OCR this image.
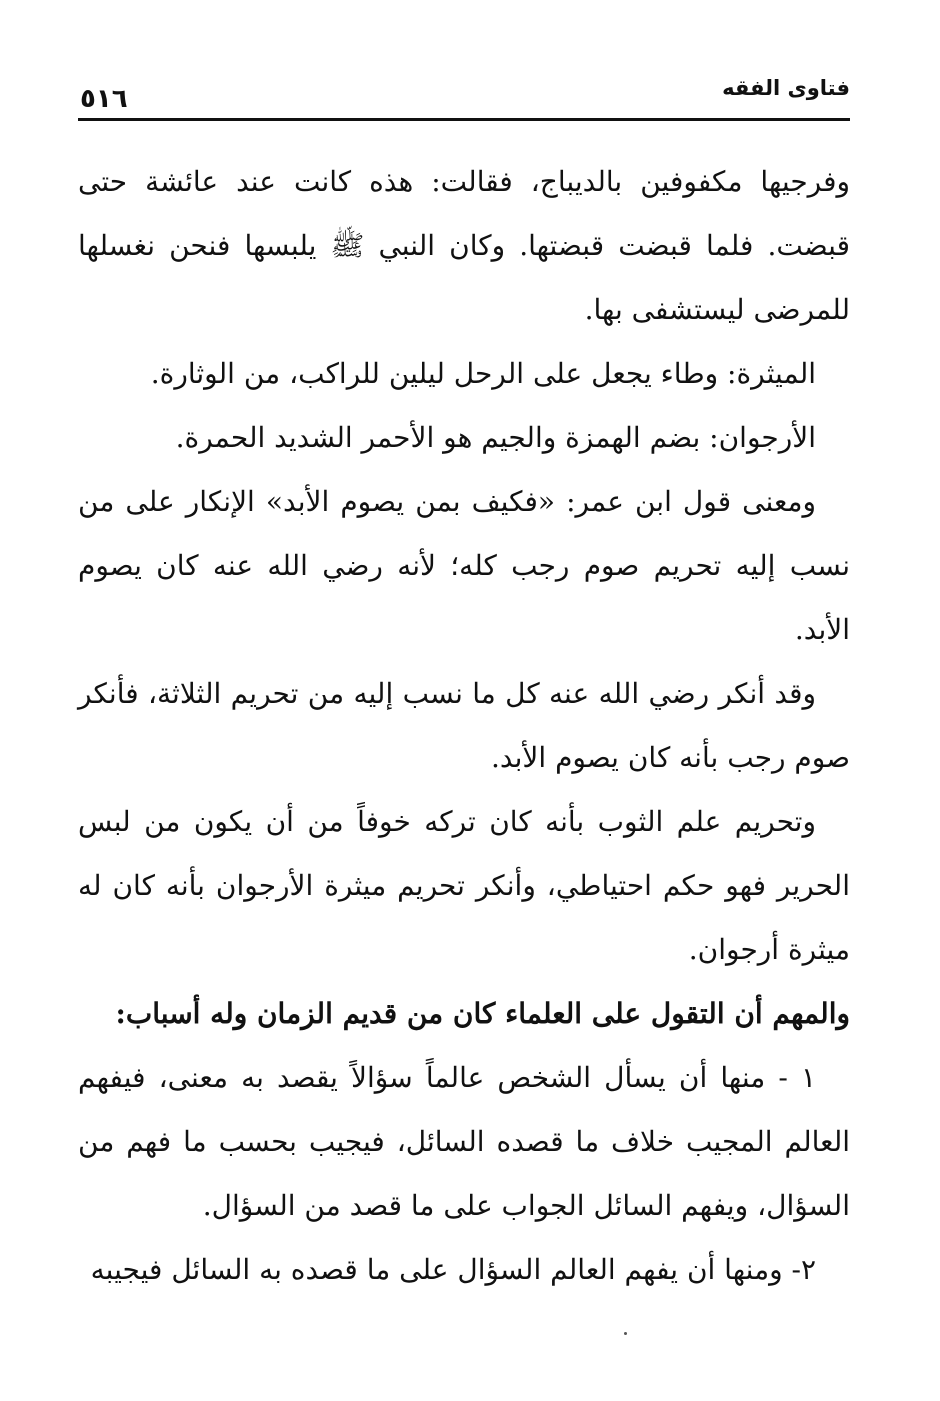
فتاوى الفقه
٥١٦

وفرجيها مكفوفين بالديباج، فقالت: هذه كانت عند عائشة حتى قبضت. فلما قبضت قبضتها. وكان النبي ﷺ يلبسها فنحن نغسلها للمرضى ليستشفى بها.

الميثرة: وطاء يجعل على الرحل ليلين للراكب، من الوثارة.

الأرجوان: بضم الهمزة والجيم هو الأحمر الشديد الحمرة.

ومعنى قول ابن عمر: «فكيف بمن يصوم الأبد» الإنكار على من نسب إليه تحريم صوم رجب كله؛ لأنه رضي الله عنه كان يصوم الأبد.

وقد أنكر رضي الله عنه كل ما نسب إليه من تحريم الثلاثة، فأنكر صوم رجب بأنه كان يصوم الأبد.

وتحريم علم الثوب بأنه كان تركه خوفاً من أن يكون من لبس الحرير فهو حكم احتياطي، وأنكر تحريم ميثرة الأرجوان بأنه كان له ميثرة أرجوان.

والمهم أن التقول على العلماء كان من قديم الزمان وله أسباب:

١ - منها أن يسأل الشخص عالماً سؤالاً يقصد به معنى، فيفهم العالم المجيب خلاف ما قصده السائل، فيجيب بحسب ما فهم من السؤال، ويفهم السائل الجواب على ما قصد من السؤال.

٢- ومنها أن يفهم العالم السؤال على ما قصده به السائل فيجيبه
